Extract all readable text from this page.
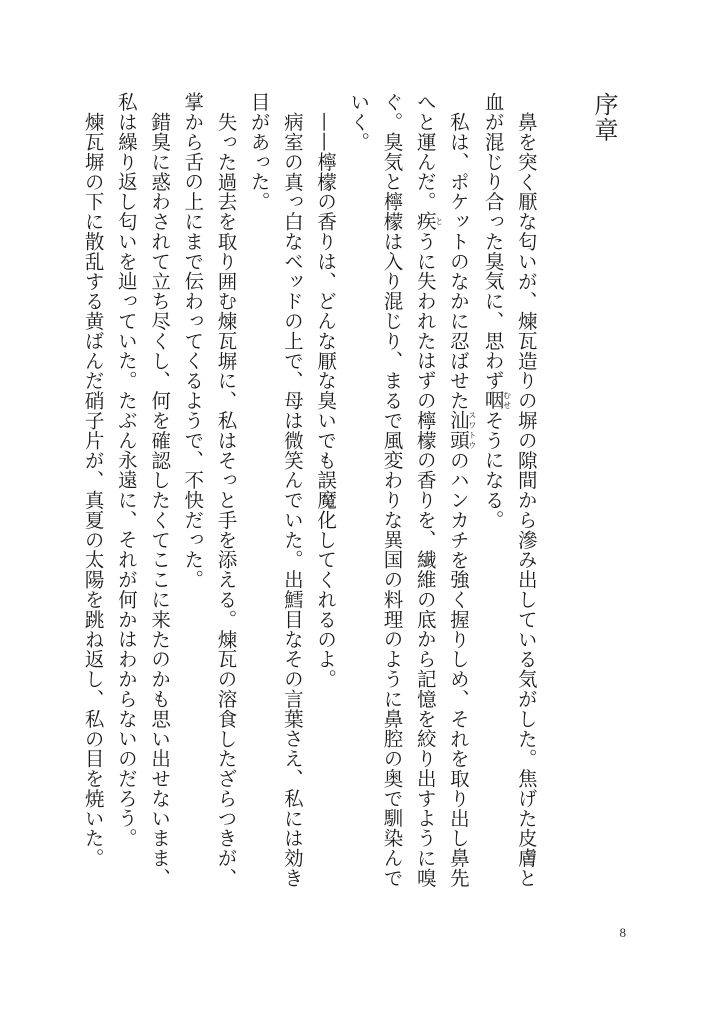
序章

鼻を突く厭な匂いが、煉瓦造りの塀の隙間から滲み出している気がした。焦げた皮膚と血が混じり合った臭気に、思わず咽むせそうになる。

私は、ポケットのなかに忍ばせた汕頭スワトウのハンカチを強く握りしめ、それを取り出し鼻先へと運んだ。疾とうに失われたはずの檸檬の香りを、繊維の底から記憶を絞り出すように嗅ぐ。臭気と檸檬は入り混じり、まるで風変わりな異国の料理のように鼻腔の奥で馴染んでいく。

——檸檬の香りは、どんな厭な臭いでも誤魔化してくれるのよ。

病室の真っ白なベッドの上で、母は微笑んでいた。出鱈目なその言葉さえ、私には効き目があった。

失った過去を取り囲む煉瓦塀に、私はそっと手を添える。煉瓦の溶食したざらつきが、掌から舌の上にまで伝わってくるようで、不快だった。

錯臭に惑わされて立ち尽くし、何を確認したくてここに来たのかも思い出せないまま、私は繰り返し匂いを辿っていた。たぶん永遠に、それが何かはわからないのだろう。

煉瓦塀の下に散乱する黄ばんだ硝子片が、真夏の太陽を跳ね返し、私の目を焼いた。

8
